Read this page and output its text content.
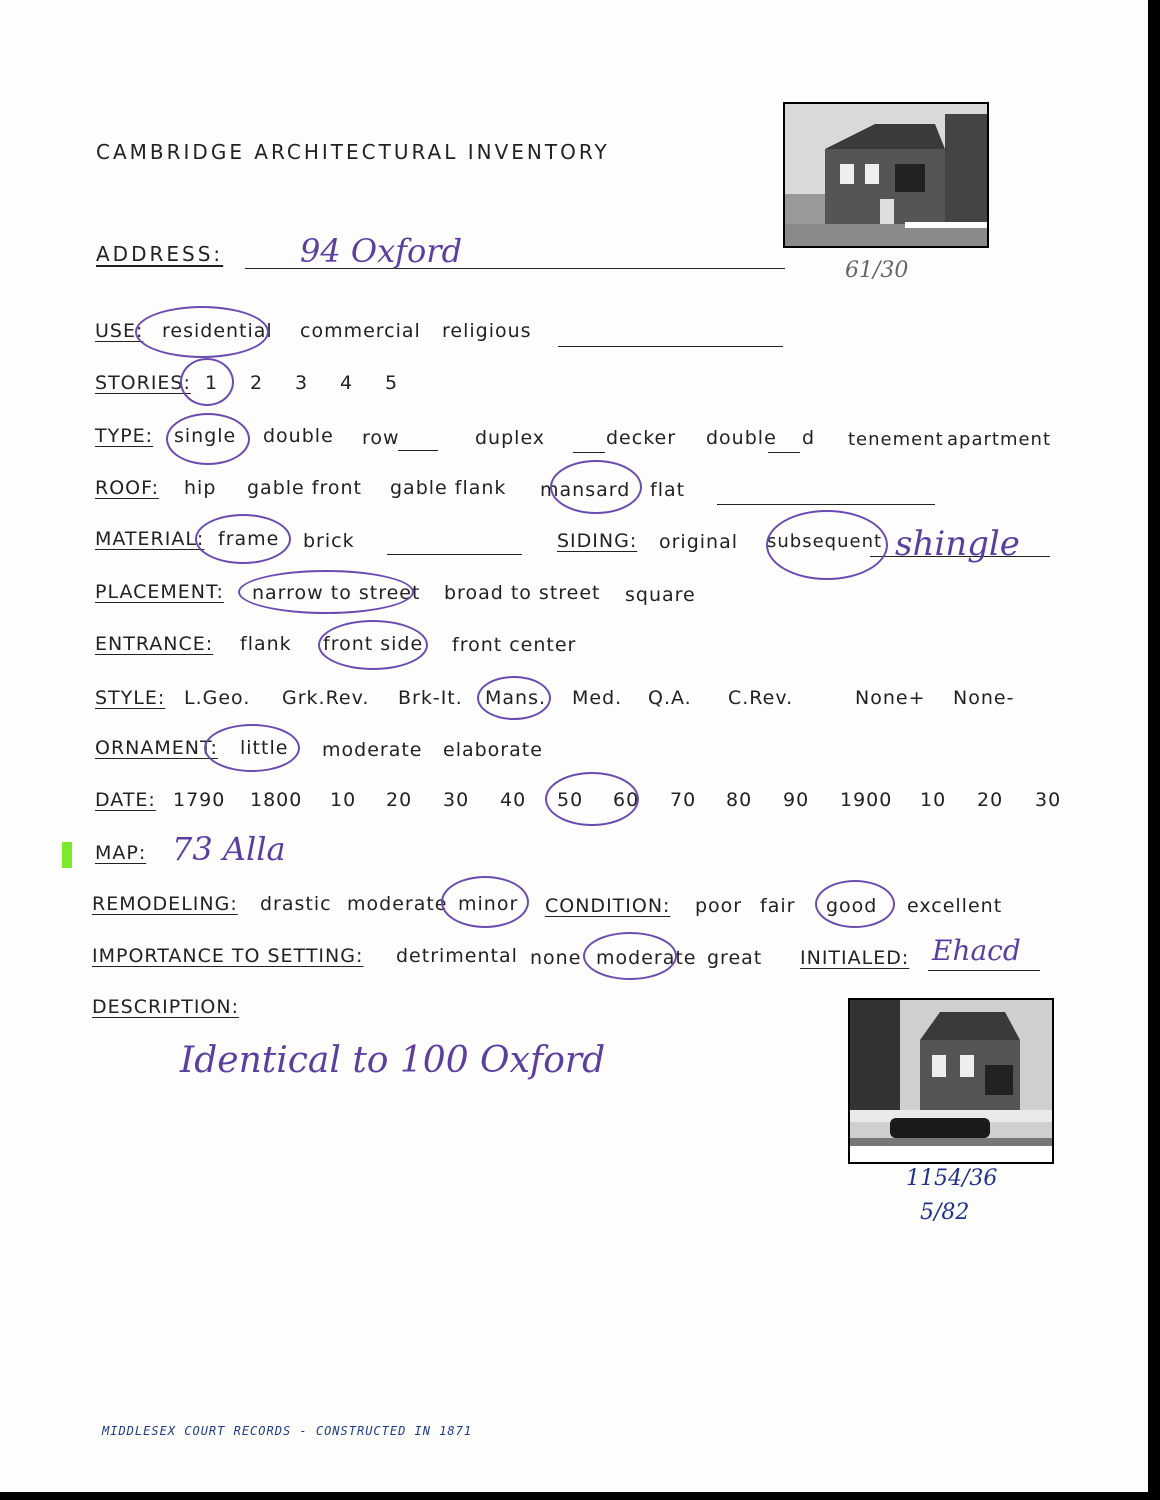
CAMBRIDGE ARCHITECTURAL INVENTORY
61/30
ADDRESS: 94 Oxford
USE: residential commercial religious
STORIES: 1 2 3 4 5
TYPE: single double row	duplex	decker double d tenement apartment
ROOF: hip gable front gable flank mansard flat
MATERIAL: frame brick	SIDING: original subsequent shingle
PLACEMENT: narrow to street broad to street square
ENTRANCE: flank front side front center
STYLE: L.Geo. Grk.Rev. Brk-It. Mans. Med. Q.A. C.Rev.	None+ None-
ORNAMENT: little moderate elaborate
DATE: 1790 1800 10 20 30 40 50 60 70 80 90 1900 10 20 30
MAP: 73 Alla
REMODELING: drastic moderate minor CONDITION: poor fair good excellent
IMPORTANCE TO SETTING: detrimental none moderate great INITIALED: Ehacd
DESCRIPTION:
Identical to 100 Oxford
1154/36
5/82
MIDDLESEX COURT RECORDS - CONSTRUCTED IN 1871
